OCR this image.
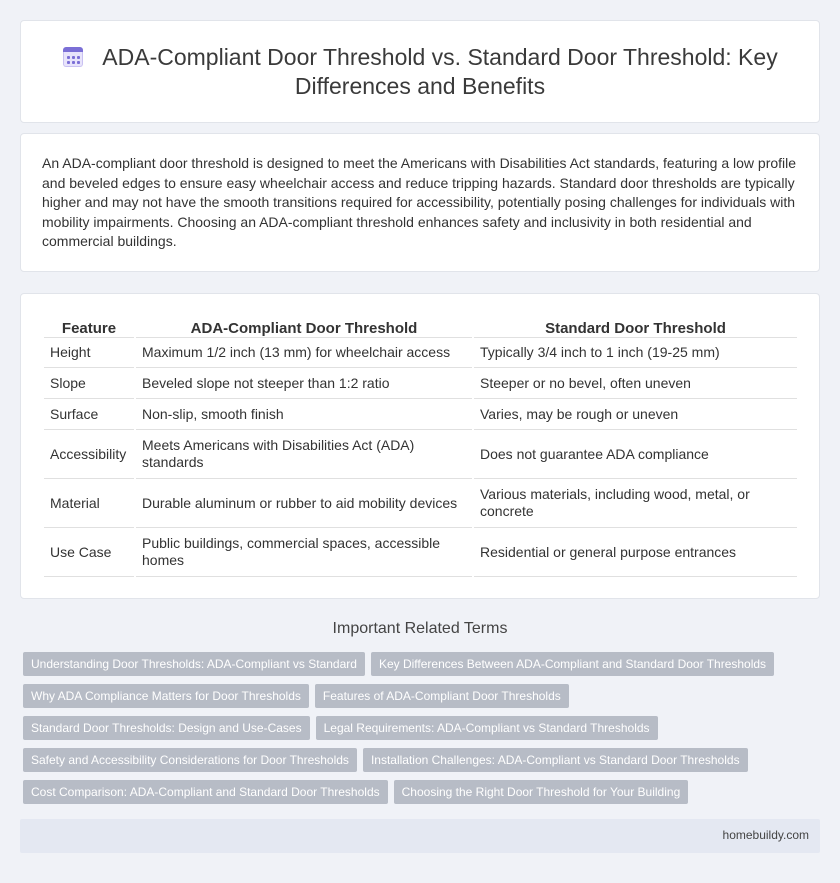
ADA-Compliant Door Threshold vs. Standard Door Threshold: Key Differences and Benefits

An ADA-compliant door threshold is designed to meet the Americans with Disabilities Act standards, featuring a low profile and beveled edges to ensure easy wheelchair access and reduce tripping hazards. Standard door thresholds are typically higher and may not have the smooth transitions required for accessibility, potentially posing challenges for individuals with mobility impairments. Choosing an ADA-compliant threshold enhances safety and inclusivity in both residential and commercial buildings.

Feature	ADA-Compliant Door Threshold	Standard Door Threshold
Height	Maximum 1/2 inch (13 mm) for wheelchair access	Typically 3/4 inch to 1 inch (19-25 mm)
Slope	Beveled slope not steeper than 1:2 ratio	Steeper or no bevel, often uneven
Surface	Non-slip, smooth finish	Varies, may be rough or uneven
Accessibility	Meets Americans with Disabilities Act (ADA) standards	Does not guarantee ADA compliance
Material	Durable aluminum or rubber to aid mobility devices	Various materials, including wood, metal, or concrete
Use Case	Public buildings, commercial spaces, accessible homes	Residential or general purpose entrances
Important Related Terms
Understanding Door Thresholds: ADA-Compliant vs Standard Key Differences Between ADA-Compliant and Standard Door Thresholds
Why ADA Compliance Matters for Door Thresholds Features of ADA-Compliant Door Thresholds
Standard Door Thresholds: Design and Use-Cases Legal Requirements: ADA-Compliant vs Standard Thresholds
Safety and Accessibility Considerations for Door Thresholds Installation Challenges: ADA-Compliant vs Standard Door Thresholds
Cost Comparison: ADA-Compliant and Standard Door Thresholds Choosing the Right Door Threshold for Your Building
homebuildy.com
